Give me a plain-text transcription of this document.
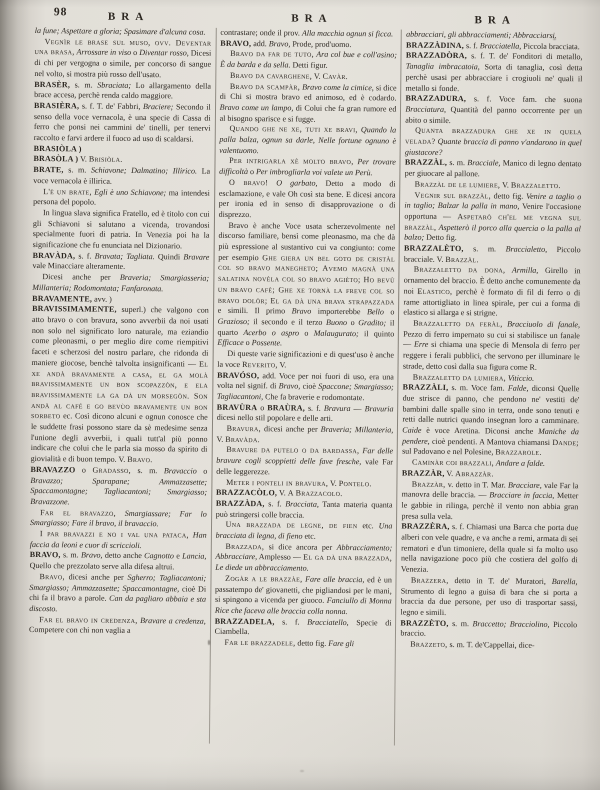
98	BRA	BRA	BRA

la fune; Aspettare a gloria; Spasimare d'alcuna cosa.

Vegnìr le brase sul muso, ovv. Deventar una brasa, Arrossare in viso o Diventar rosso, Dicesi di chi per vergogna o simile, per concorso di sangue nel volto, si mostra più rosso dell'usato.

BRASÈR, s. m. Sbraciata; Lo allargamento della brace accesa, perchè renda caldo maggiore.

BRASIÈRA, s. f. T. de' Fabbri, Braciere; Secondo il senso della voce vernacola, è una specie di Cassa di ferro che ponsi nei cammini de' tinelli, per tenervi raccolto e farvi ardere il fuoco ad uso di scaldarsi.

BRASIÒLA )
BRASÒLA ) V. Brisiòla.

BRATE, s. m. Schiavone; Dalmatino; Illirico. La voce vernacola è illirica.

L'è un brate, Egli è uno Schiavone; ma intendesi persona del popolo.

In lingua slava significa Fratello, ed è titolo con cui gli Schiavoni si salutano a vicenda, trovandosi specialmente fuori di patria. In Venezia poi ha la significazione che fu enunciata nel Dizionario.

BRAVÀDA, s. f. Bravata; Tagliata. Quindi Bravare vale Minacciare alteramente.

Dicesi anche per Braveria; Smargiasseria; Millanteria; Rodomontata; Fanfaronata.

BRAVAMENTE, avv. )
BRAVISSIMAMENTE, superl.) che valgono con atto bravo o con bravura, sono avverbii da noi usati non solo nel significato loro naturale, ma eziandio come pleonasmi, o per meglio dire come riempitivi faceti e scherzosi del nostro parlare, che ridonda di maniere giocose, benchè talvolta insignificanti — El xe andà bravamente a casa, el ga molà bravissimamente un bon scopazzòn, e ela bravissimamente la ga dà un morsegòn. Son andà al café e go bevùo bravamente un bon sorbeto ec. Così dicono alcuni e ognun conosce che le suddette frasi possono stare da sè medesime senza l'unione degli avverbii, i quali tutt'al più ponno indicare che colui che le parla sia mosso da spirito di giovialità e di buon tempo. V. Bravo.

BRAVAZZO o Gradasso, s. m. Bravaccio o Bravazzo; Sparapane; Ammazzasette; Spaccamontagne; Tagliacantoni; Smargiasso; Bravazzone.

Far el bravazzo, Smargiassare; Far lo Smargiasso; Fare il bravo, il bravaccio.

I par bravazzi e no i val una pataca, Han faccia da leoni e cuor di scriccioli.

BRAVO, s. m. Bravo, detto anche Cagnotto e Lancia, Quello che prezzolato serve alla difesa altrui.

Bravo, dicesi anche per Sgherro; Tagliacantoni; Smargiasso; Ammazzasette; Spaccamontagne, cioè Di chi fa il bravo a parole. Can da pagliaro abbaia e sta discosto.

Far el bravo in credenza, Bravare a credenza, Competere con chi non vaglia a

contrastare; onde il prov. Alla macchia ognun si ficca.

BRAVO, add. Bravo, Prode, prod'uomo.

Bravo da far de tuto, Ara col bue e coll'asino; È da barda e da sella. Detti figur.

Bravo da cavarghene, V. Cavàr.

Bravo da scampàr, Bravo come la cimice, si dice di Chi si mostra bravo ed animoso, ed è codardo. Bravo come un lampo, di Colui che fa gran rumore ed al bisogno sparisce e si fugge.

Quando ghe ne xe, tuti xe bravi, Quando la palla balza, ognun sa darle, Nelle fortune ognuno è valentuomo.

Per intrigarla xè molto bravo, Per trovare difficoltà o Per imbrogliarla voi valete un Perù.

O bravo! O garbato, Detto a modo di esclamazione, e vale Oh così sta bene. E dicesi ancora per ironia ed in senso di disapprovazione o di disprezzo.

Bravo è anche Voce usata scherzevolmente nel discorso familiare, bensì come pleonasmo, ma che dà più espressione al sustantivo cui va congiunto: come per esempio Ghe giera un bel goto de cristàl col so bravo manegheto; Avemo magnà una salatina novèla col so bravo agièto; Ho bevù un bravo cafè; Ghe xe tornà la freve col so bravo dolòr; El ga dà una brava strapazzada e simili. Il primo Bravo importerebbe Bello o Grazioso; il secondo e il terzo Buono o Gradito; il quarto Acerbo o aspro o Malaugurato; il quinto Efficace o Possente.

Di queste varie significazioni e di quest'uso è anche la voce Reverito, V.

BRAVÓSO, add. Voce per noi fuori di uso, era una volta nel signif. di Bravo, cioè Spaccone; Smargiasso; Tagliacantoni, Che fa braverie e rodomontate.

BRAVÙRA o BRAÙRA, s. f. Bravura — Bravuria dicesi nello stil popolare e delle arti.

Bravura, dicesi anche per Braveria; Millanteria, V. Bravàda.

Bravure da putelo o da bardassa, Far delle bravure cogli scoppietti delle fave fresche, vale Far delle leggerezze.

Meter i ponteli in bravura, V. Pontelo.

BRAZZACÒLO, V. A Brazzacolo.

BRAZZÀDA, s. f. Bracciata, Tanta materia quanta può stringersi colle braccia.

Una brazzada de legne, de fien etc. Una bracciata di legna, di fieno etc.

Brazzada, si dice ancora per Abbracciamento; Abbracciare, Amplesso — El ga dà una brazzada, Le diede un abbracciamento.

Zogàr a le brazzàe, Fare alle braccia, ed è un passatempo de' giovanetti, che pigliandosi per le mani, si spingono a vicenda per giuoco. Fanciullo di Monna Rice che faceva alle braccia colla nonna.

BRAZZADELA, s. f. Bracciatello, Specie di Ciambella.

Far le brazzadele, detto fig. Fare gli

abbracciari, gli abbracciamenti; Abbracciarsi.

BRAZZÀDINA, s. f. Bracciatella, Piccola bracciata.

BRAZZADÒRA, s. f. T. de' Fonditori di metallo, Tanaglia imbracatoia, Sorta di tanaglia, così detta perchè usasi per abbracciare i crogiuoli ne' quali il metallo si fonde.

BRAZZADURA, s. f. Voce fam. che suona Bracciatura, Quantità del panno occorrente per un abito o simile.

Quanta brazzadura ghe xe in quela velada? Quante braccia di panno v'andarono in quel giustacore?

BRAZZÀL, s. m. Bracciale, Manico di legno dentato per giuocare al pallone.

Brazzàl de le lumiere, V. Brazzaletto.

Vegnir sul brazzàl, detto fig. Venire a taglio o in taglio; Balzar la palla in mano, Venire l'occasione opportuna — Aspetarò ch'el me vegna sul brazzàl, Aspetterò il porco alla quercia o la palla al balzo; Detto fig.

BRAZZALÈTO, s. m. Braccialetto, Piccolo bracciale. V. Brazzàl.

Brazzaletto da dona, Armilla, Girello in ornamento del braccio. È detto anche comunemente da noi Elastico, perchè è formato di fil di ferro o di rame attortigliato in linea spirale, per cui a forma di elastico si allarga e si strigne.

Brazzaletto da feràl, Bracciuolo di fanale, Pezzo di ferro impernato su cui si stabilisce un fanale — Erre si chiama una specie di Mensola di ferro per reggere i ferali pubblici, che servono per illuminare le strade, detto così dalla sua figura come R.

Brazzaletto da lumiera, Viticcio.

BRAZZÀLI, s. m. Voce fam. Falde, diconsi Quelle due strisce di panno, che pendono ne' vestiti de' bambini dalle spalle sino in terra, onde sono tenuti e retti dalle nutrici quando insegnan loro a camminare. Caide è voce Aretina. Diconsi anche Maniche da pendere, cioè pendenti. A Mantova chiamansi Dande; sul Padovano e nel Polesine, Brazzarole.

Caminàr coi brazzali, Andare a falde.

BRAZZÀR, V. Abrazzàr.

Brazzàr, v. detto in T. Mar. Bracciare, vale Far la manovra delle braccia. — Bracciare in faccia, Metter le gabbie in rilinga, perchè il vento non abbia gran presa sulla vela.

BRAZZÈRA, s. f. Chiamasi una Barca che porta due alberi con vele quadre, e va anche a remi, armata di sei rematori e d'un timoniere, della quale si fa molto uso nella navigazione poco più che costiera del golfo di Venezia.

Brazzera, detto in T. de' Muratori, Barella, Strumento di legno a guisa di bara che si porta a braccia da due persone, per uso di trasportar sassi, legno e simili.

BRAZZÈTO, s. m. Braccetto; Bracciolino, Piccolo braccio.

Brazzeto, s. m. T. de'Cappellai, dice-
